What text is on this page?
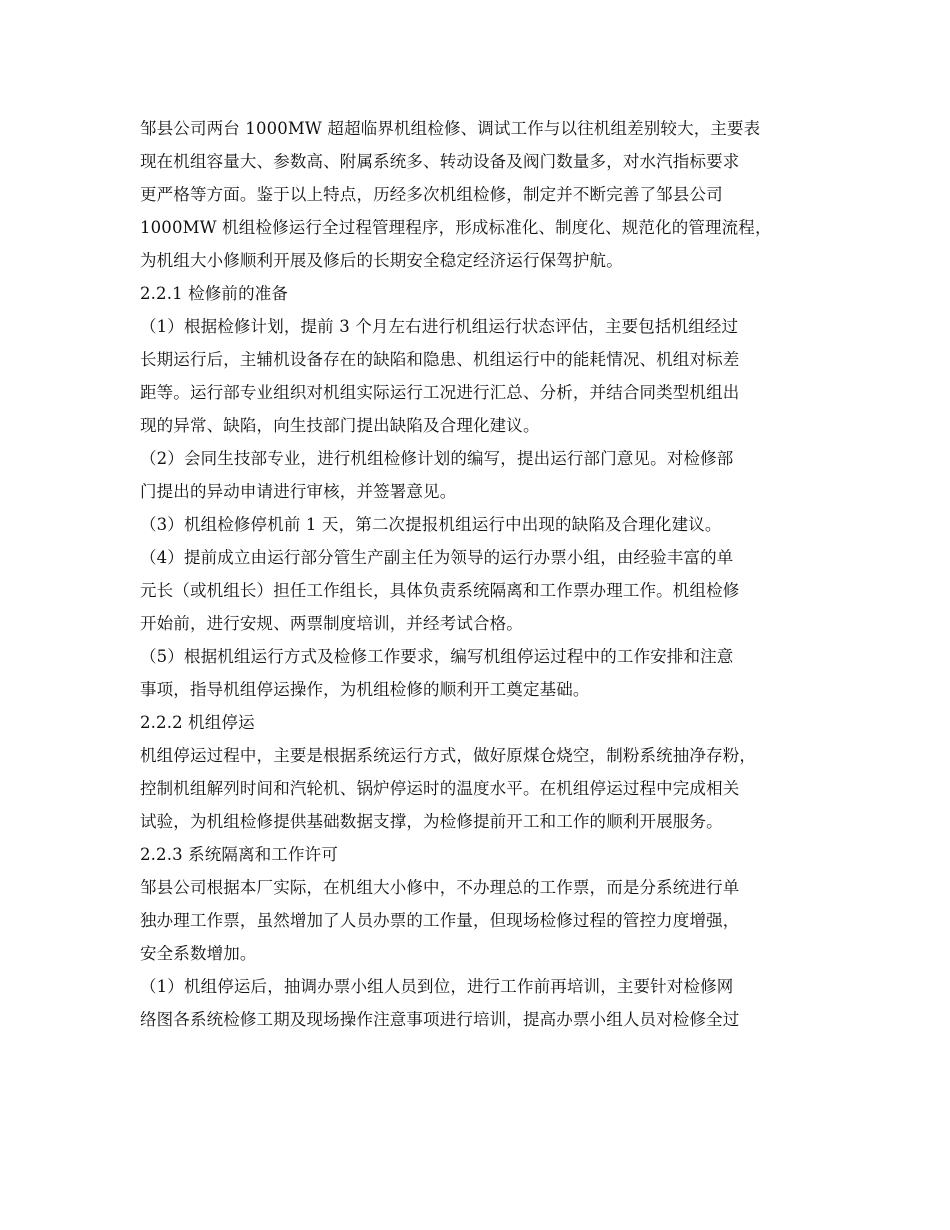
邹县公司两台 1000MW 超超临界机组检修、调试工作与以往机组差别较大，主要表
现在机组容量大、参数高、附属系统多、转动设备及阀门数量多，对水汽指标要求
更严格等方面。鉴于以上特点，历经多次机组检修，制定并不断完善了邹县公司
1000MW 机组检修运行全过程管理程序，形成标准化、制度化、规范化的管理流程，
为机组大小修顺利开展及修后的长期安全稳定经济运行保驾护航。
2.2.1 检修前的准备
（1）根据检修计划，提前 3 个月左右进行机组运行状态评估，主要包括机组经过
长期运行后，主辅机设备存在的缺陷和隐患、机组运行中的能耗情况、机组对标差
距等。运行部专业组织对机组实际运行工况进行汇总、分析，并结合同类型机组出
现的异常、缺陷，向生技部门提出缺陷及合理化建议。
（2）会同生技部专业，进行机组检修计划的编写，提出运行部门意见。对检修部
门提出的异动申请进行审核，并签署意见。
（3）机组检修停机前 1 天，第二次提报机组运行中出现的缺陷及合理化建议。
（4）提前成立由运行部分管生产副主任为领导的运行办票小组，由经验丰富的单
元长（或机组长）担任工作组长，具体负责系统隔离和工作票办理工作。机组检修
开始前，进行安规、两票制度培训，并经考试合格。
（5）根据机组运行方式及检修工作要求，编写机组停运过程中的工作安排和注意
事项，指导机组停运操作，为机组检修的顺利开工奠定基础。
2.2.2 机组停运
机组停运过程中，主要是根据系统运行方式，做好原煤仓烧空，制粉系统抽净存粉，
控制机组解列时间和汽轮机、锅炉停运时的温度水平。在机组停运过程中完成相关
试验，为机组检修提供基础数据支撑，为检修提前开工和工作的顺利开展服务。
2.2.3 系统隔离和工作许可
邹县公司根据本厂实际，在机组大小修中，不办理总的工作票，而是分系统进行单
独办理工作票，虽然增加了人员办票的工作量，但现场检修过程的管控力度增强，
安全系数增加。
（1）机组停运后，抽调办票小组人员到位，进行工作前再培训，主要针对检修网
络图各系统检修工期及现场操作注意事项进行培训，提高办票小组人员对检修全过
